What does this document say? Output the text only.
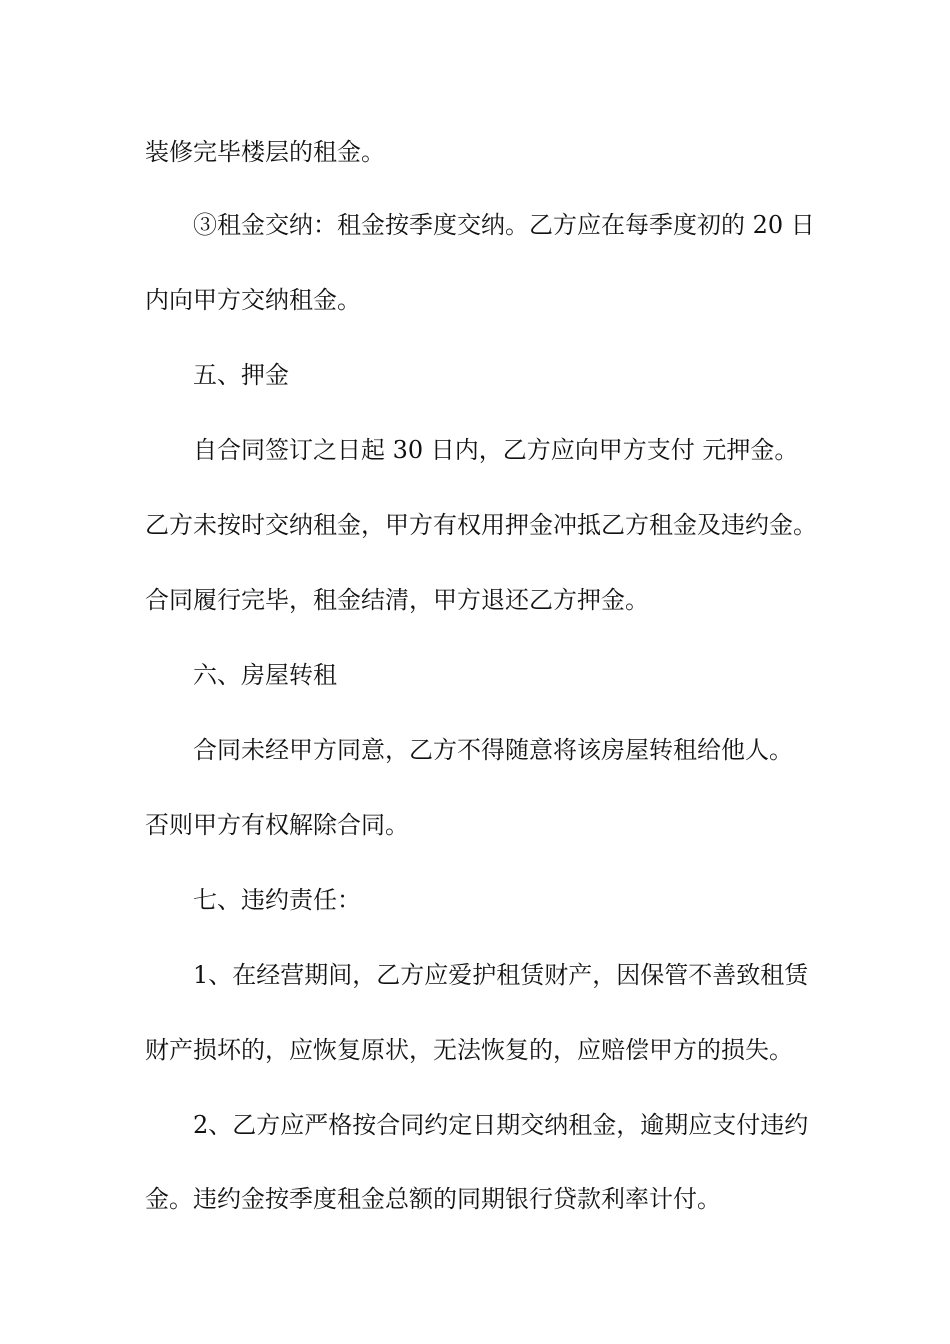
装修完毕楼层的租金。
③租金交纳：租金按季度交纳。乙方应在每季度初的 20 日
内向甲方交纳租金。
五、押金
自合同签订之日起 30 日内，乙方应向甲方支付 元押金。
乙方未按时交纳租金，甲方有权用押金冲抵乙方租金及违约金。
合同履行完毕，租金结清，甲方退还乙方押金。
六、房屋转租
合同未经甲方同意，乙方不得随意将该房屋转租给他人。
否则甲方有权解除合同。
七、违约责任：
1、在经营期间，乙方应爱护租赁财产，因保管不善致租赁
财产损坏的，应恢复原状，无法恢复的，应赔偿甲方的损失。
2、乙方应严格按合同约定日期交纳租金，逾期应支付违约
金。违约金按季度租金总额的同期银行贷款利率计付。
